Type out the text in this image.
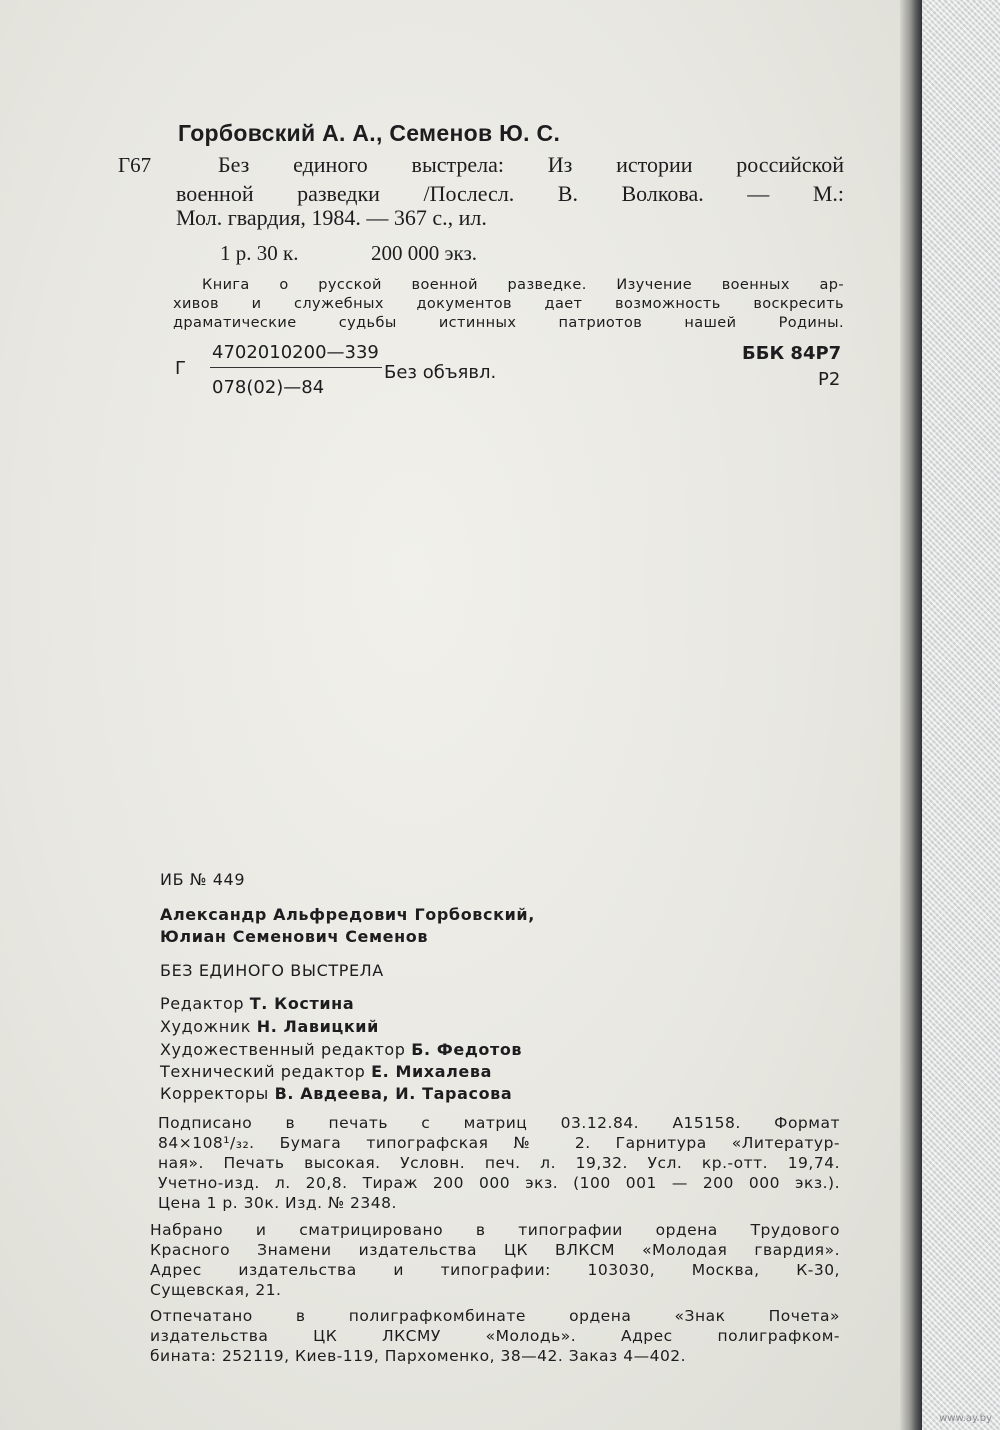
Горбовский А. А., Семенов Ю. С.
Г67	Без единого выстрела: Из истории российской
военной разведки /Послесл. В. Волкова. — М.:
Мол. гвардия, 1984. — 367 с., ил.
1 р. 30 к.	200 000 экз.
Книга о русской военной разведке. Изучение военных ар-
хивов и служебных документов дает возможность воскресить
драматические судьбы истинных патриотов нашей Родины.
Г
4702010200—339
078(02)—84
Без объявл.
ББК 84Р7
Р2
ИБ № 449
Александр Альфредович Горбовский,
Юлиан Семенович Семенов
БЕЗ ЕДИНОГО ВЫСТРЕЛА
Редактор Т. Костина
Художник Н. Лавицкий
Художественный редактор Б. Федотов
Технический редактор Е. Михалева
Корректоры В. Авдеева, И. Тарасова
Подписано в печать с матриц 03.12.84. А15158. Формат
84×108¹/₃₂. Бумага типографская № 2. Гарнитура «Литератур-
ная». Печать высокая. Условн. печ. л. 19,32. Усл. кр.-отт. 19,74.
Учетно-изд. л. 20,8. Тираж 200 000 экз. (100 001 — 200 000 экз.).
Цена 1 р. 30к. Изд. № 2348.
Набрано и сматрицировано в типографии ордена Трудового
Красного Знамени издательства ЦК ВЛКСМ «Молодая гвардия».
Адрес издательства и типографии: 103030, Москва, К-30,
Сущевская, 21.
Отпечатано в полиграфкомбинате ордена «Знак Почета»
издательства ЦК ЛКСМУ «Молодь». Адрес полиграфком-
бината: 252119, Киев-119, Пархоменко, 38—42. Заказ 4—402.
www.ay.by
